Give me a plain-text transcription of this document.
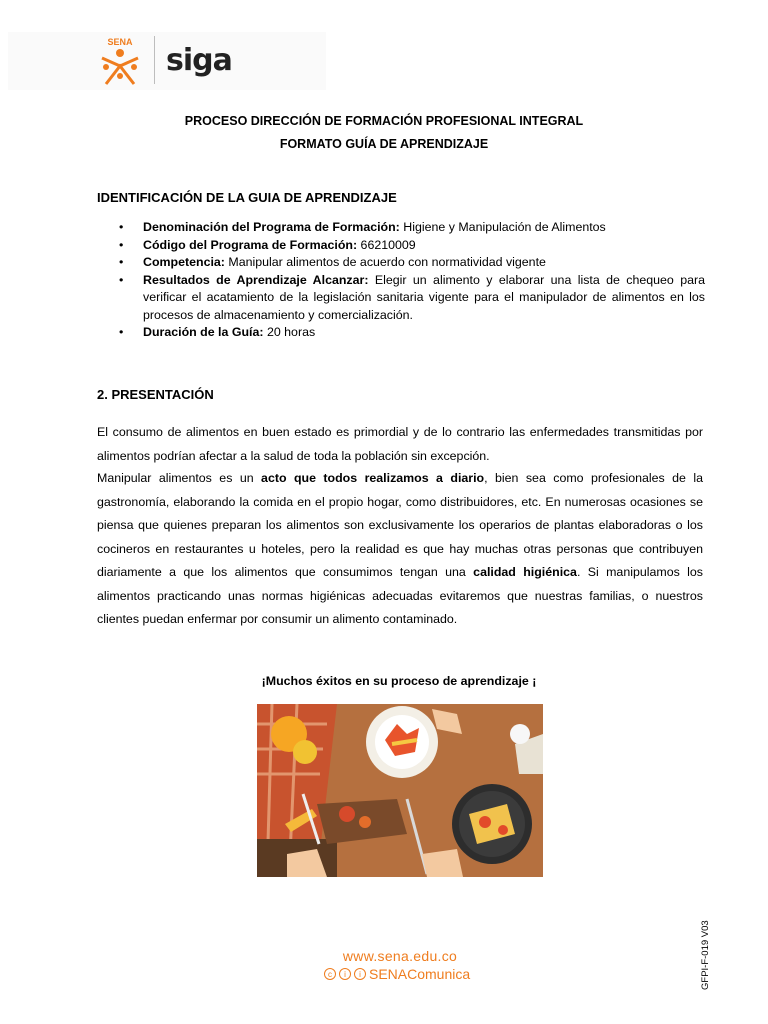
SENA
siga
PROCESO DIRECCIÓN DE FORMACIÓN PROFESIONAL INTEGRAL
FORMATO GUÍA DE APRENDIZAJE
IDENTIFICACIÓN DE LA GUIA DE APRENDIZAJE
• Denominación del Programa de Formación: Higiene y Manipulación de Alimentos
• Código del Programa de Formación: 66210009
• Competencia: Manipular alimentos de acuerdo con normatividad vigente
• Resultados de Aprendizaje Alcanzar: Elegir un alimento y elaborar una lista de chequeo para verificar el acatamiento de la legislación sanitaria vigente para el manipulador de alimentos en los procesos de almacenamiento y comercialización.
• Duración de la Guía: 20 horas
2. PRESENTACIÓN
El consumo de alimentos en buen estado es primordial y de lo contrario las enfermedades transmitidas por alimentos podrían afectar a la salud de toda la población sin excepción.
Manipular alimentos es un acto que todos realizamos a diario, bien sea como profesionales de la gastronomía, elaborando la comida en el propio hogar, como distribuidores, etc. En numerosas ocasiones se piensa que quienes preparan los alimentos son exclusivamente los operarios de plantas elaboradoras o los cocineros en restaurantes u hoteles, pero la realidad es que hay muchas otras personas que contribuyen diariamente a que los alimentos que consumimos tengan una calidad higiénica. Si manipulamos los alimentos practicando unas normas higiénicas adecuadas evitaremos que nuestras familias, o nuestros clientes puedan enfermar por consumir un alimento contaminado.
¡Muchos éxitos en su proceso de aprendizaje ¡
www.sena.edu.co
c	i	i SENAComunica	GFPI-F-019 V03
